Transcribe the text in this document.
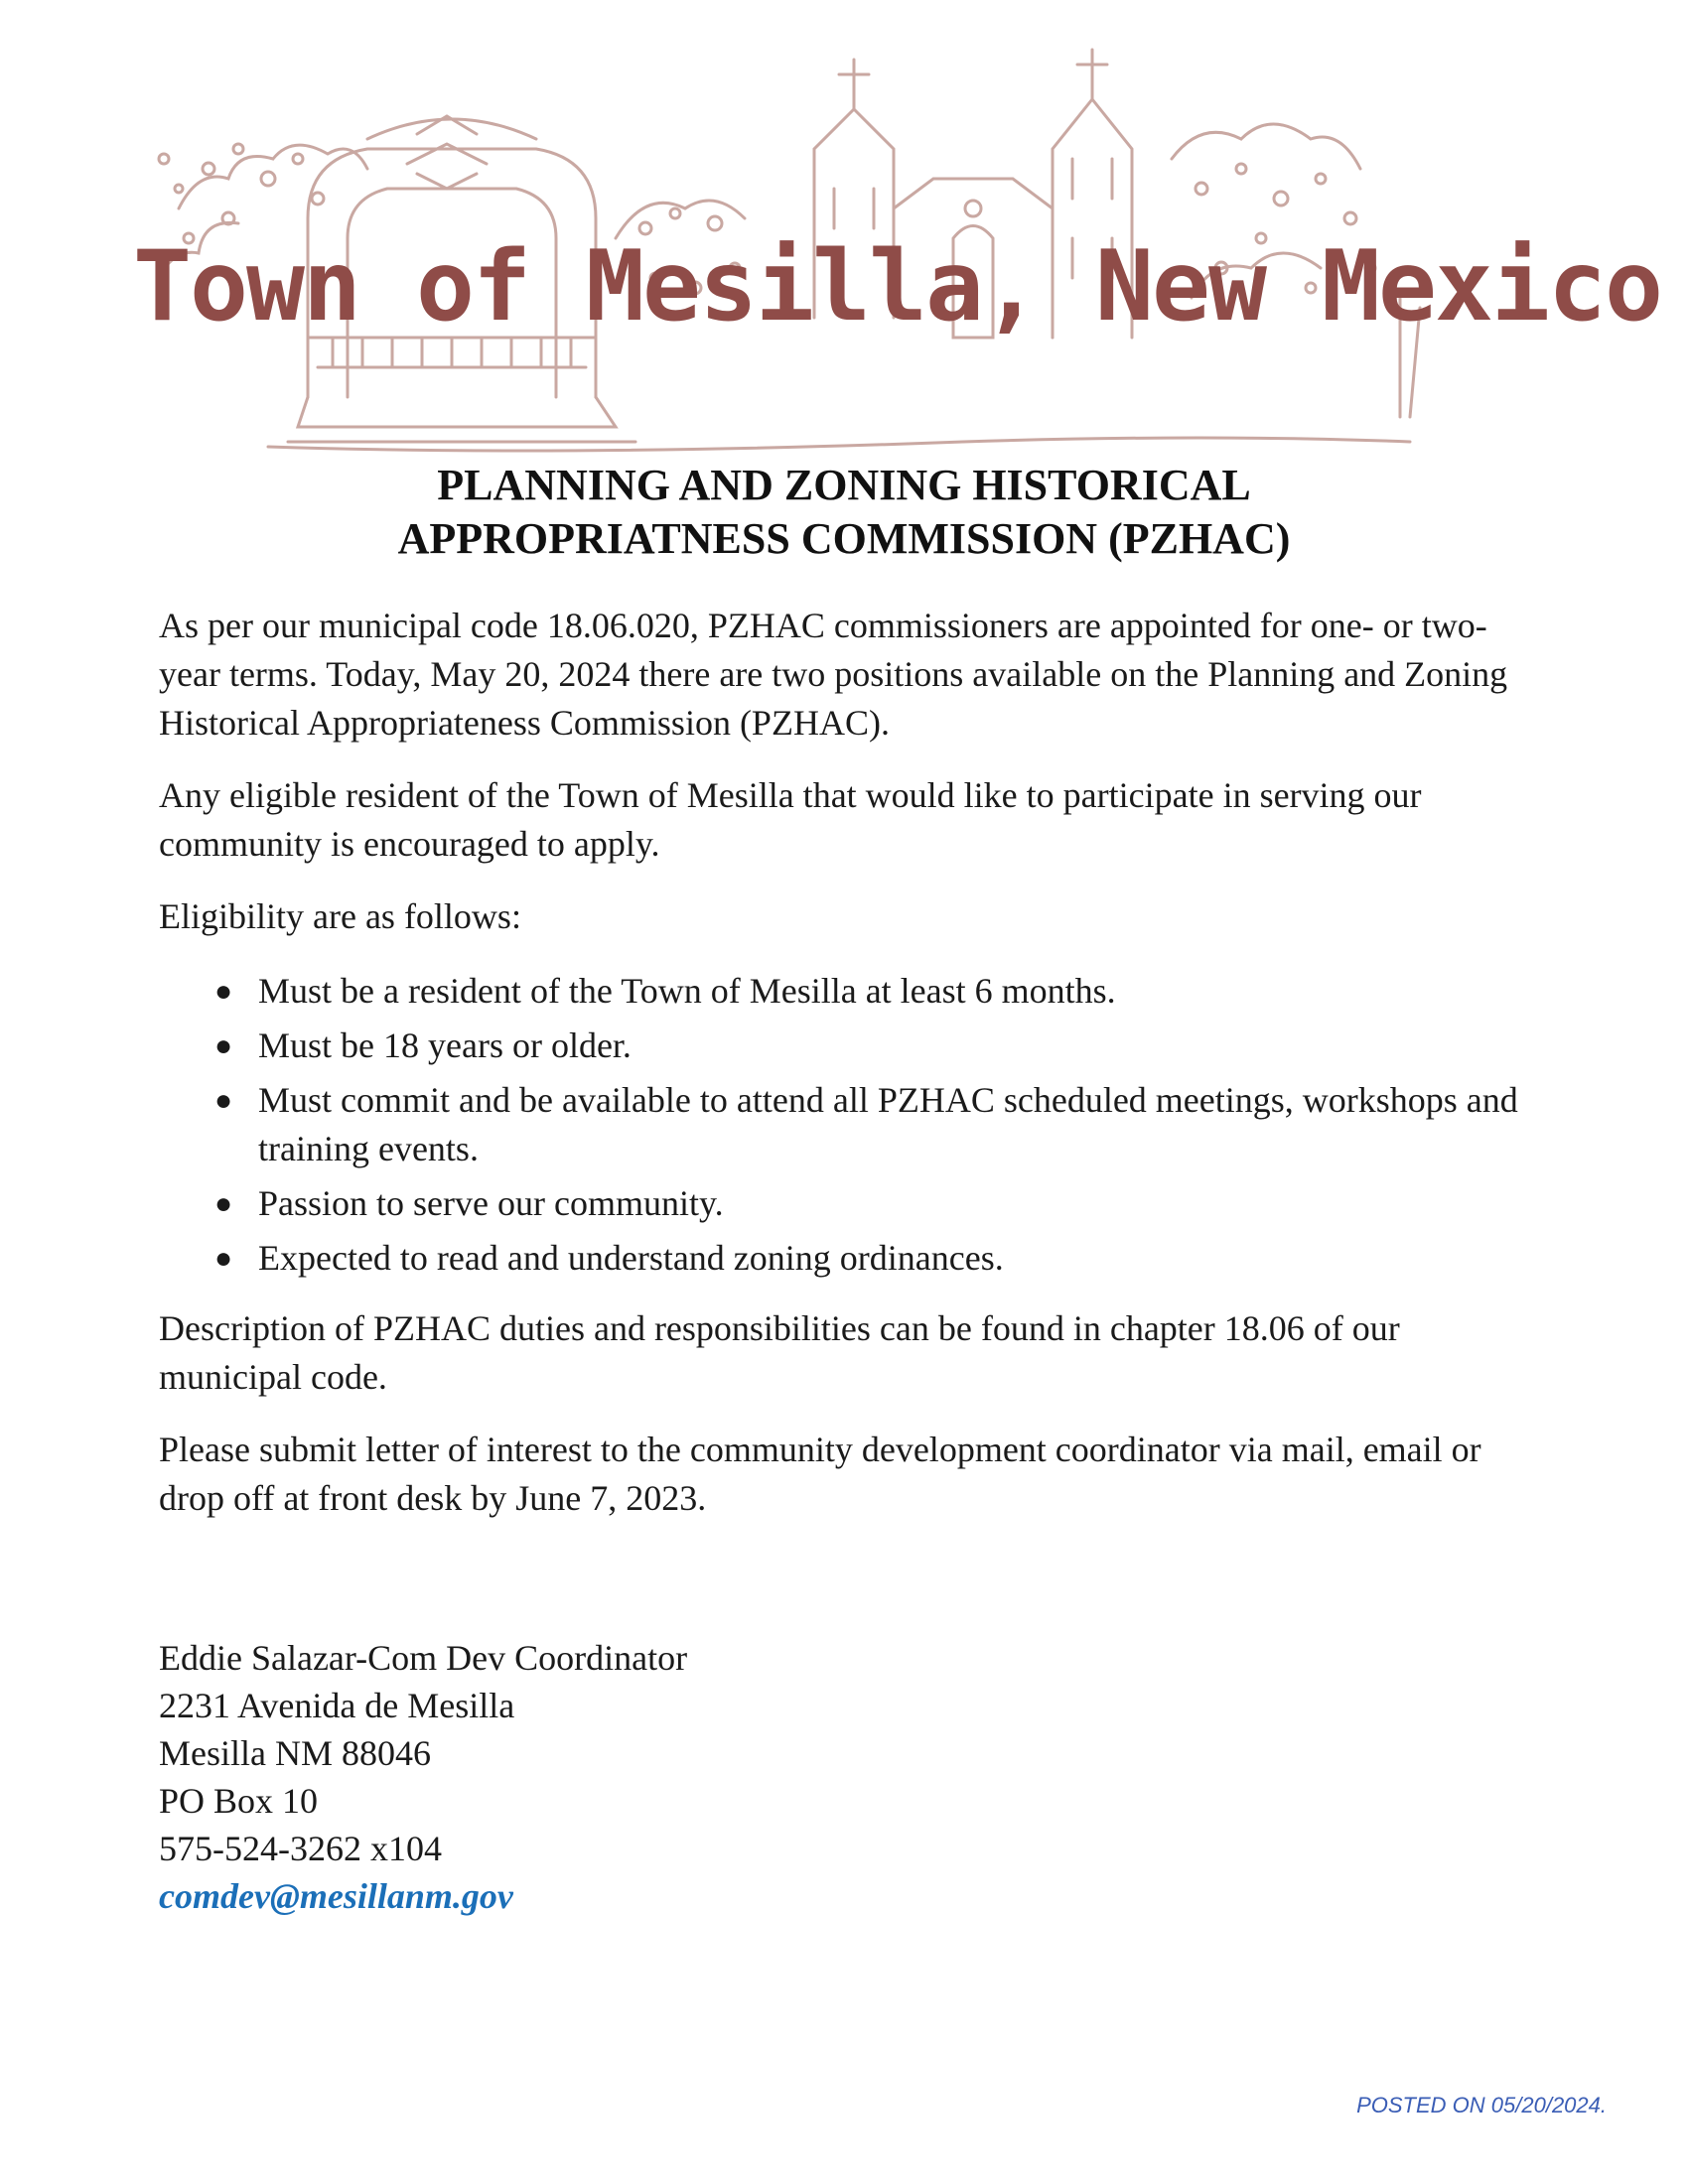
Town of Mesilla, New Mexico
PLANNING AND ZONING HISTORICAL
APPROPRIATNESS COMMISSION (PZHAC)

As per our municipal code 18.06.020, PZHAC commissioners are appointed for one- or two-year terms. Today, May 20, 2024 there are two positions available on the Planning and Zoning Historical Appropriateness Commission (PZHAC).

Any eligible resident of the Town of Mesilla that would like to participate in serving our community is encouraged to apply.

Eligibility are as follows:

● Must be a resident of the Town of Mesilla at least 6 months.
● Must be 18 years or older.
● Must commit and be available to attend all PZHAC scheduled meetings, workshops and training events.
● Passion to serve our community.
● Expected to read and understand zoning ordinances.

Description of PZHAC duties and responsibilities can be found in chapter 18.06 of our municipal code.

Please submit letter of interest to the community development coordinator via mail, email or drop off at front desk by June 7, 2023.

Eddie Salazar-Com Dev Coordinator
2231 Avenida de Mesilla
Mesilla NM 88046
PO Box 10
575-524-3262 x104
comdev@mesillanm.gov
POSTED ON 05/20/2024.
